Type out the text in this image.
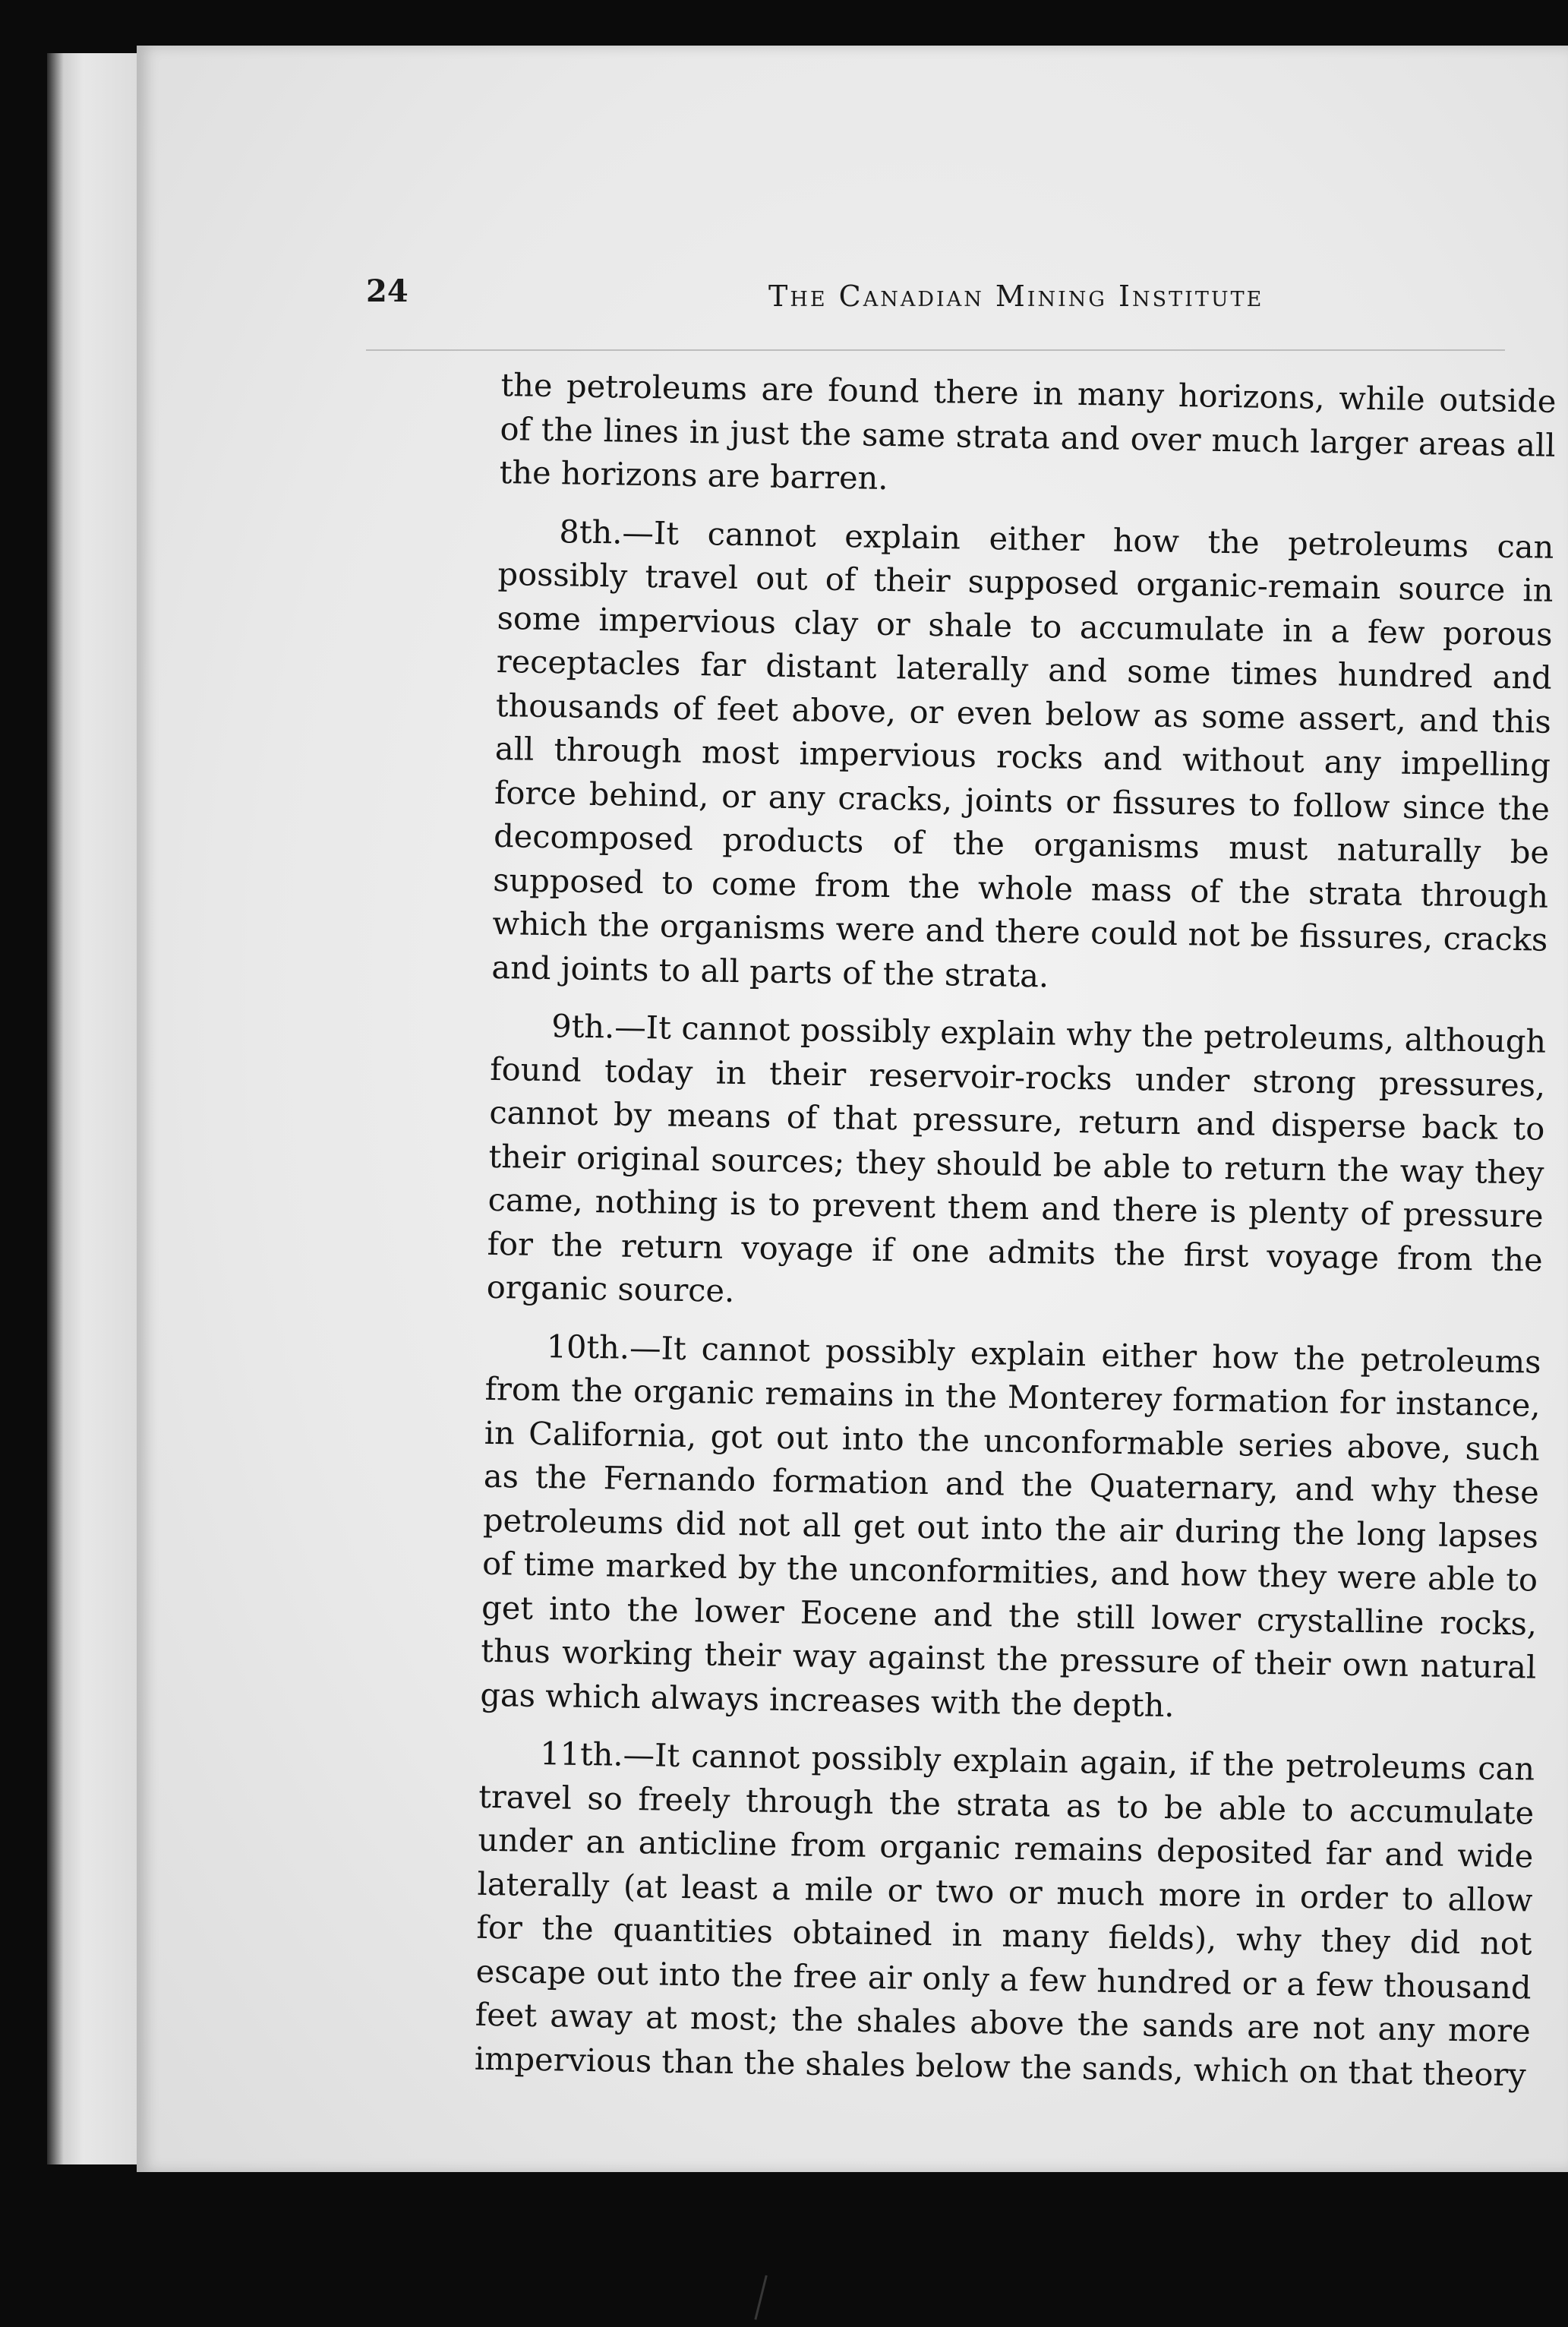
24	The Canadian Mining Institute

the petroleums are found there in many horizons, while outside of the lines in just the same strata and over much larger areas all the horizons are barren.

8th.—It cannot explain either how the petroleums can possibly travel out of their supposed organic-remain source in some impervious clay or shale to accumulate in a few porous receptacles far distant laterally and some times hundred and thousands of feet above, or even below as some assert, and this all through most impervious rocks and without any impelling force behind, or any cracks, joints or fissures to follow since the decomposed products of the organisms must naturally be supposed to come from the whole mass of the strata through which the organisms were and there could not be fissures, cracks and joints to all parts of the strata.

9th.—It cannot possibly explain why the petroleums, although found today in their reservoir-rocks under strong pressures, cannot by means of that pressure, return and disperse back to their original sources; they should be able to return the way they came, nothing is to prevent them and there is plenty of pressure for the return voyage if one admits the first voyage from the organic source.

10th.—It cannot possibly explain either how the petroleums from the organic remains in the Monterey formation for instance, in California, got out into the unconformable series above, such as the Fernando formation and the Quaternary, and why these petroleums did not all get out into the air during the long lapses of time marked by the unconformities, and how they were able to get into the lower Eocene and the still lower crystalline rocks, thus working their way against the pressure of their own natural gas which always increases with the depth.

11th.—It cannot possibly explain again, if the petroleums can travel so freely through the strata as to be able to accumulate under an anticline from organic remains deposited far and wide laterally (at least a mile or two or much more in order to allow for the quantities obtained in many fields), why they did not escape out into the free air only a few hundred or a few thousand feet away at most; the shales above the sands are not any more impervious than the shales below the sands, which on that theory
